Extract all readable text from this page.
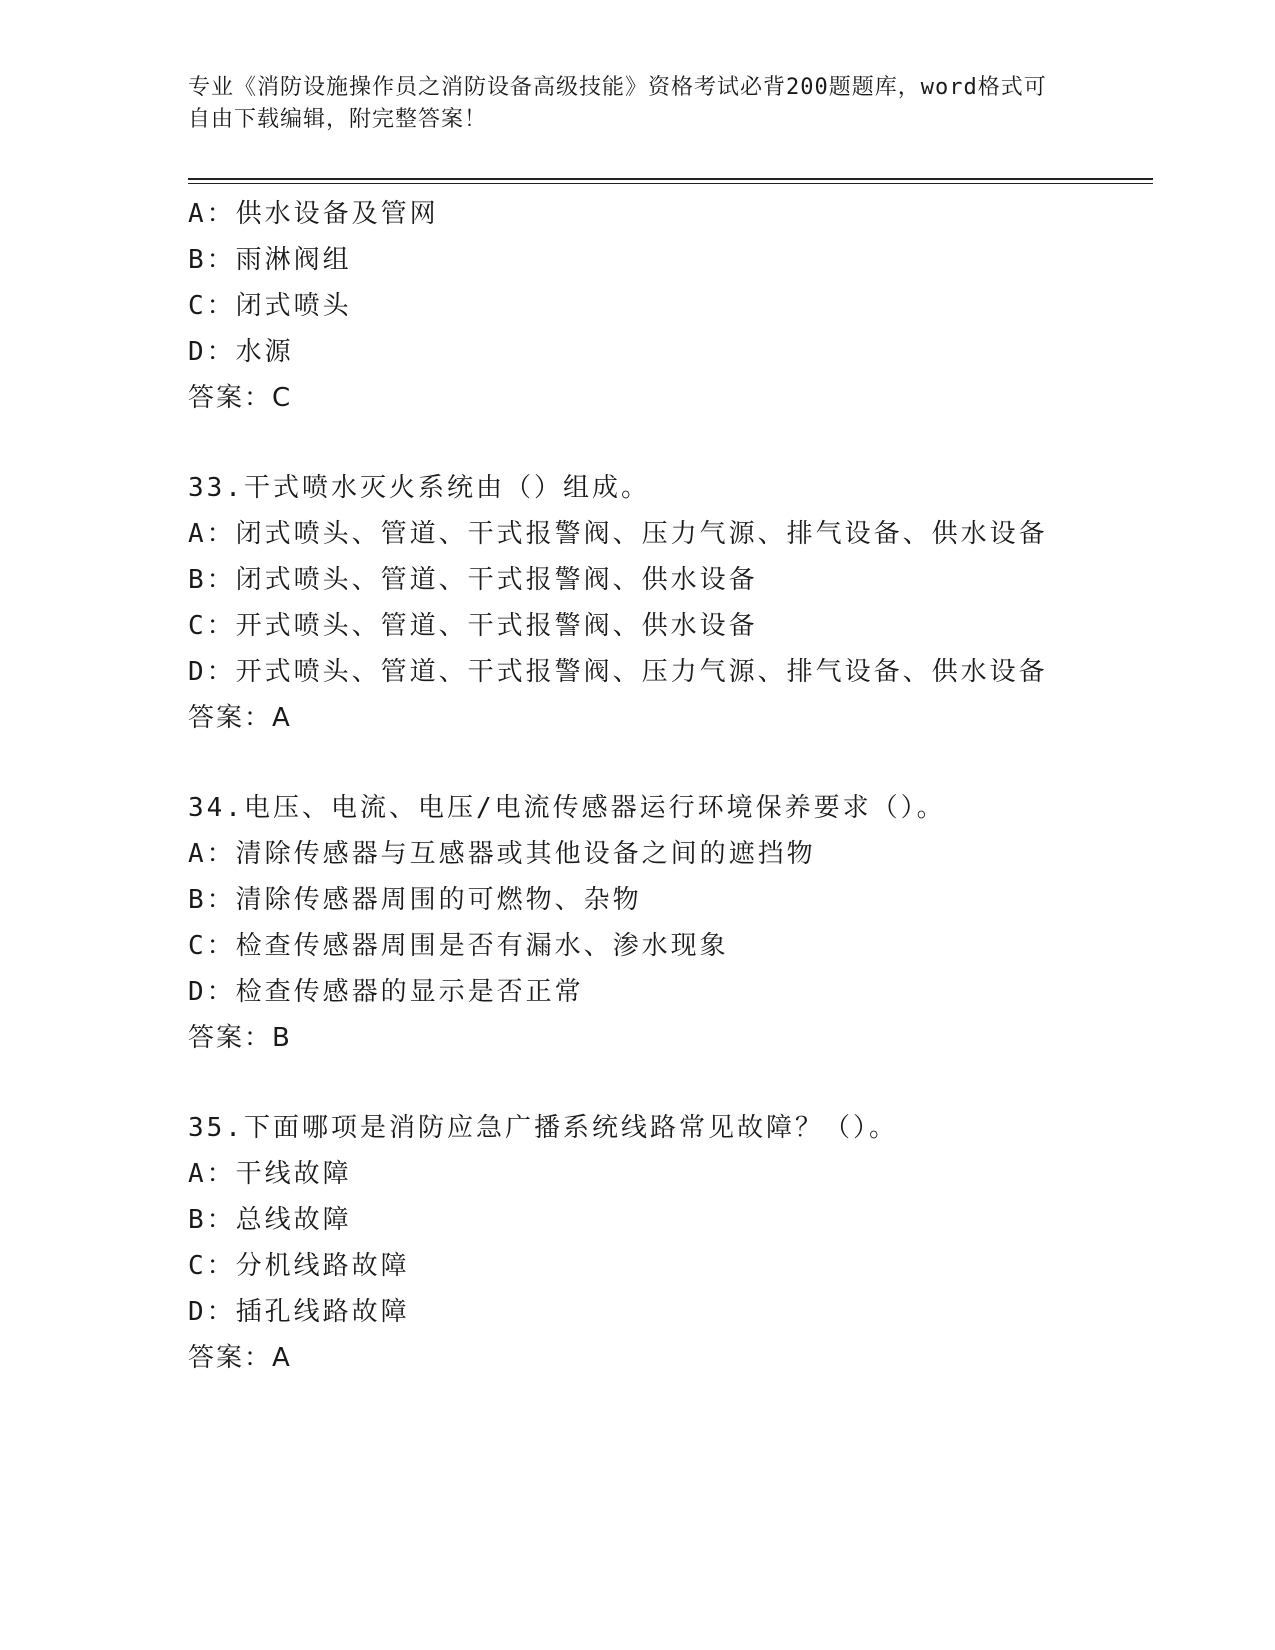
专业《消防设施操作员之消防设备高级技能》资格考试必背200题题库，word格式可自由下载编辑，附完整答案！
A：供水设备及管网
B：雨淋阀组
C：闭式喷头
D：水源
答案：C
33.干式喷水灭火系统由（）组成。
A：闭式喷头、管道、干式报警阀、压力气源、排气设备、供水设备
B：闭式喷头、管道、干式报警阀、供水设备
C：开式喷头、管道、干式报警阀、供水设备
D：开式喷头、管道、干式报警阀、压力气源、排气设备、供水设备
答案：A
34.电压、电流、电压/电流传感器运行环境保养要求（）。
A：清除传感器与互感器或其他设备之间的遮挡物
B：清除传感器周围的可燃物、杂物
C：检查传感器周围是否有漏水、渗水现象
D：检查传感器的显示是否正常
答案：B
35.下面哪项是消防应急广播系统线路常见故障？（）。
A：干线故障
B：总线故障
C：分机线路故障
D：插孔线路故障
答案：A
